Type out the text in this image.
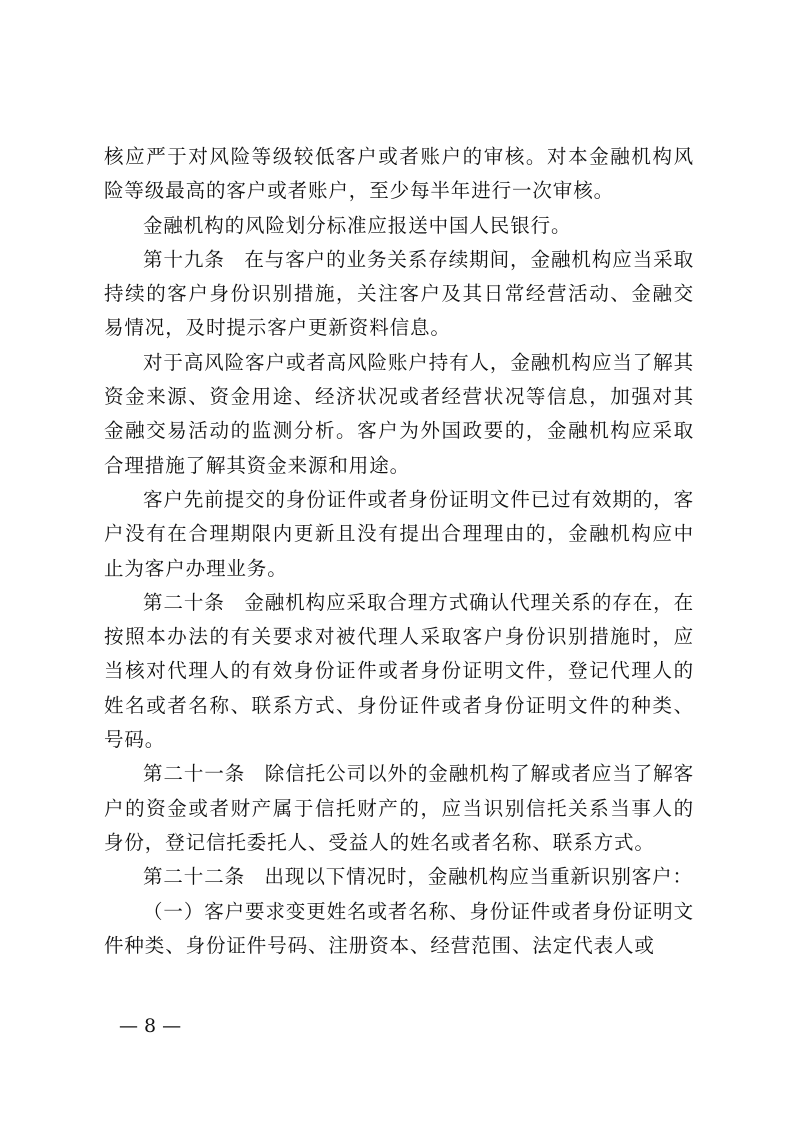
核应严于对风险等级较低客户或者账户的审核。对本金融机构风险等级最高的客户或者账户，至少每半年进行一次审核。

金融机构的风险划分标准应报送中国人民银行。

第十九条 在与客户的业务关系存续期间，金融机构应当采取持续的客户身份识别措施，关注客户及其日常经营活动、金融交易情况，及时提示客户更新资料信息。

对于高风险客户或者高风险账户持有人，金融机构应当了解其资金来源、资金用途、经济状况或者经营状况等信息，加强对其金融交易活动的监测分析。客户为外国政要的，金融机构应采取合理措施了解其资金来源和用途。

客户先前提交的身份证件或者身份证明文件已过有效期的，客户没有在合理期限内更新且没有提出合理理由的，金融机构应中止为客户办理业务。

第二十条 金融机构应采取合理方式确认代理关系的存在，在按照本办法的有关要求对被代理人采取客户身份识别措施时，应当核对代理人的有效身份证件或者身份证明文件，登记代理人的姓名或者名称、联系方式、身份证件或者身份证明文件的种类、号码。

第二十一条 除信托公司以外的金融机构了解或者应当了解客户的资金或者财产属于信托财产的，应当识别信托关系当事人的身份，登记信托委托人、受益人的姓名或者名称、联系方式。

第二十二条 出现以下情况时，金融机构应当重新识别客户：

（一）客户要求变更姓名或者名称、身份证件或者身份证明文件种类、身份证件号码、注册资本、经营范围、法定代表人或

— 8 —
